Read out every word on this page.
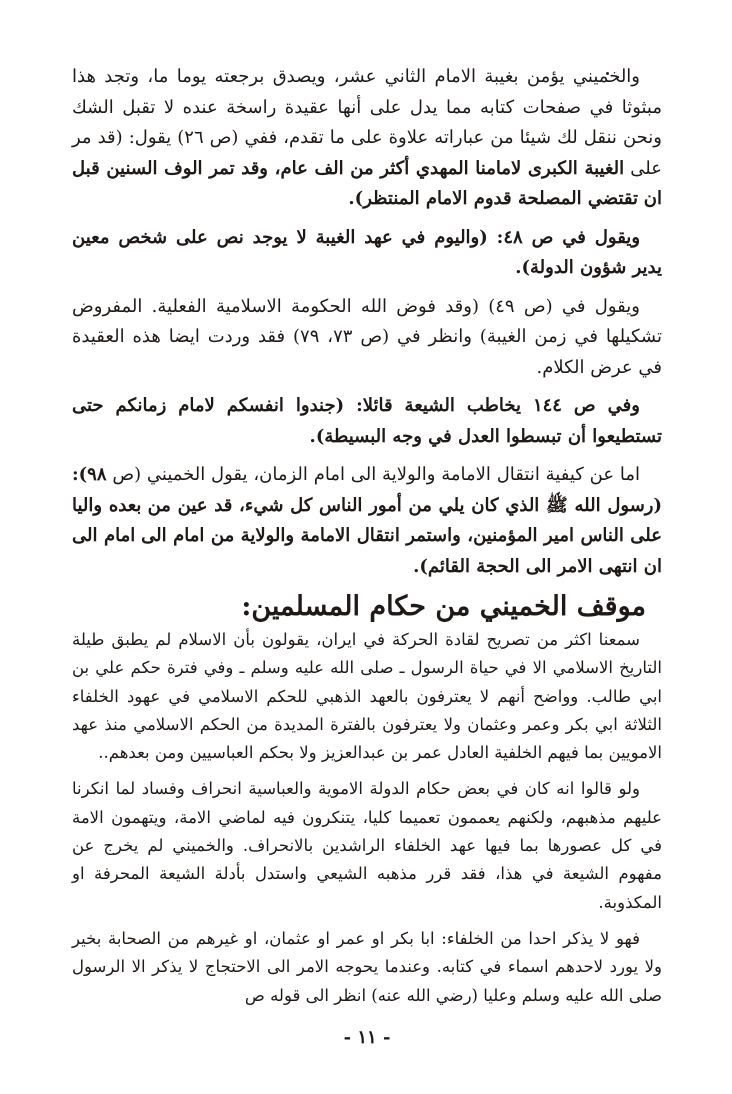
والخميني يؤمن بغيبة الامام الثاني عشر، ويصدق برجعته يوما ما، وتجد هذا مبثوثا في صفحات كتابه مما يدل على أنها عقيدة راسخة عنده لا تقبل الشك ونحن ننقل لك شيئا من عباراته علاوة على ما تقدم، ففي (ص ٢٦) يقول: (قد مر على الغيبة الكبرى لامامنا المهدي أكثر من الف عام، وقد تمر الوف السنين قبل ان تقتضي المصلحة قدوم الامام المنتظر).

ويقول في ص ٤٨: (واليوم في عهد الغيبة لا يوجد نص على شخص معين يدير شؤون الدولة).

ويقول في (ص ٤٩) (وقد فوض الله الحكومة الاسلامية الفعلية. المفروض تشكيلها في زمن الغيبة) وانظر في (ص ٧٣، ٧٩) فقد وردت ايضا هذه العقيدة في عرض الكلام.

وفي ص ١٤٤ يخاطب الشيعة قائلا: (جندوا انفسكم لامام زمانكم حتى تستطيعوا أن تبسطوا العدل في وجه البسيطة).

اما عن كيفية انتقال الامامة والولاية الى امام الزمان، يقول الخميني (ص ٩٨): (رسول الله ﷺ الذي كان يلي من أمور الناس كل شيء، قد عين من بعده واليا على الناس امير المؤمنين، واستمر انتقال الامامة والولاية من امام الى امام الى ان انتهى الامر الى الحجة القائم).

موقف الخميني من حكام المسلمين:

سمعنا اكثر من تصريح لقادة الحركة في ايران، يقولون بأن الاسلام لم يطبق طيلة التاريخ الاسلامي الا في حياة الرسول ـ صلى الله عليه وسلم ـ وفي فترة حكم علي بن ابي طالب. وواضح أنهم لا يعترفون بالعهد الذهبي للحكم الاسلامي في عهود الخلفاء الثلاثة ابي بكر وعمر وعثمان ولا يعترفون بالفترة المديدة من الحكم الاسلامي منذ عهد الامويين بما فيهم الخلفية العادل عمر بن عبدالعزيز ولا بحكم العباسيين ومن بعدهم..

ولو قالوا انه كان في بعض حكام الدولة الاموية والعباسية انحراف وفساد لما انكرنا عليهم مذهبهم، ولكنهم يعممون تعميما كليا، يتنكرون فيه لماضي الامة، ويتهمون الامة في كل عصورها بما فيها عهد الخلفاء الراشدين بالانحراف. والخميني لم يخرج عن مفهوم الشيعة في هذا، فقد قرر مذهبه الشيعي واستدل بأدلة الشيعة المحرفة او المكذوبة.

فهو لا يذكر احدا من الخلفاء: ابا بكر او عمر او عثمان، او غيرهم من الصحابة بخير ولا يورد لاحدهم اسماء في كتابه. وعندما يحوجه الامر الى الاحتجاج لا يذكر الا الرسول صلى الله عليه وسلم وعليا (رضي الله عنه) انظر الى قوله ص

- ١١ -
